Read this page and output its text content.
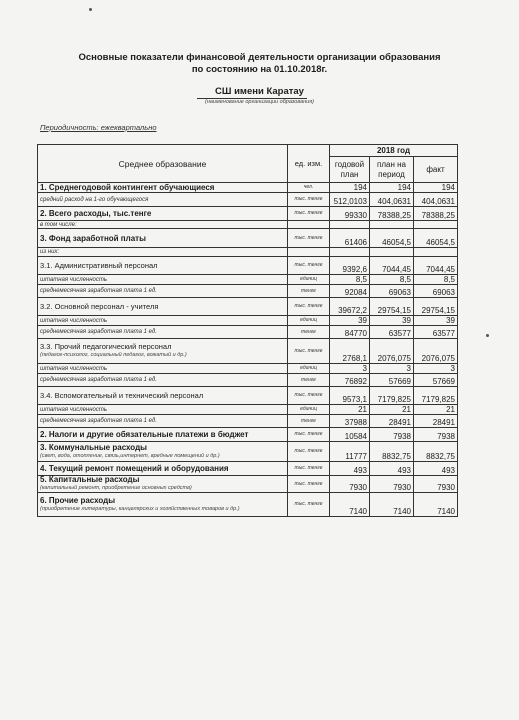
Основные показатели финансовой деятельности организации образования
по состоянию на 01.10.2018г.
СШ имени Каратау
(наименование организации образования)
Периодичность: ежеквартально
Среднее образование	ед. изм.	2018 год		
		годовой план	план на период	факт
1. Среднегодовой контингент обучающиеся	чел.	194	194	194
средний расход на 1-го обучающегося	тыс. тенге	512,0103	404,0631	404,0631
2. Всего расходы, тыс.тенге	тыс. тенге	99330	78388,25	78388,25
в том числе:				
3. Фонд заработной платы	тыс. тенге	61406	46054,5	46054,5
из них:				
3.1. Административный персонал	тыс. тенге	9392,6	7044,45	7044,45
штатная численность	единиц	8,5	8,5	8,5
среднемесячная заработная плата 1 ед.	тенге	92084	69063	69063
3.2. Основной персонал - учителя	тыс. тенге	39672,2	29754,15	29754,15
штатная численность	единиц	39	39	39
среднемесячная заработная плата 1 ед.	тенге	84770	63577	63577
3.3. Прочий педагогический персонал
(педагог-психолог, социальный педагог, вожатый и др.)	тыс. тенге	2768,1	2076,075	2076,075
штатная численность	единиц	3	3	3
среднемесячная заработная плата 1 ед.	тенге	76892	57669	57669
3.4. Вспомогательный и технический персонал	тыс. тенге	9573,1	7179,825	7179,825
штатная численность	единиц	21	21	21
среднемесячная заработная плата 1 ед.	тенге	37988	28491	28491
2. Налоги и другие обязательные платежи в бюджет	тыс. тенге	10584	7938	7938
3. Коммунальные расходы
(свет, вода, отопление, связь,интернет, вредные помещений и др.)	тыс. тенге	11777	8832,75	8832,75
4. Текущий ремонт помещений и оборудования	тыс. тенге	493	493	493
5. Капитальные расходы
(капитальный ремонт, приобретение основных средств)	тыс. тенге	7930	7930	7930
6. Прочие расходы
(приобретение литературы, канцелярских и хозяйственных товаров и др.)	тыс. тенге	7140	7140	7140
